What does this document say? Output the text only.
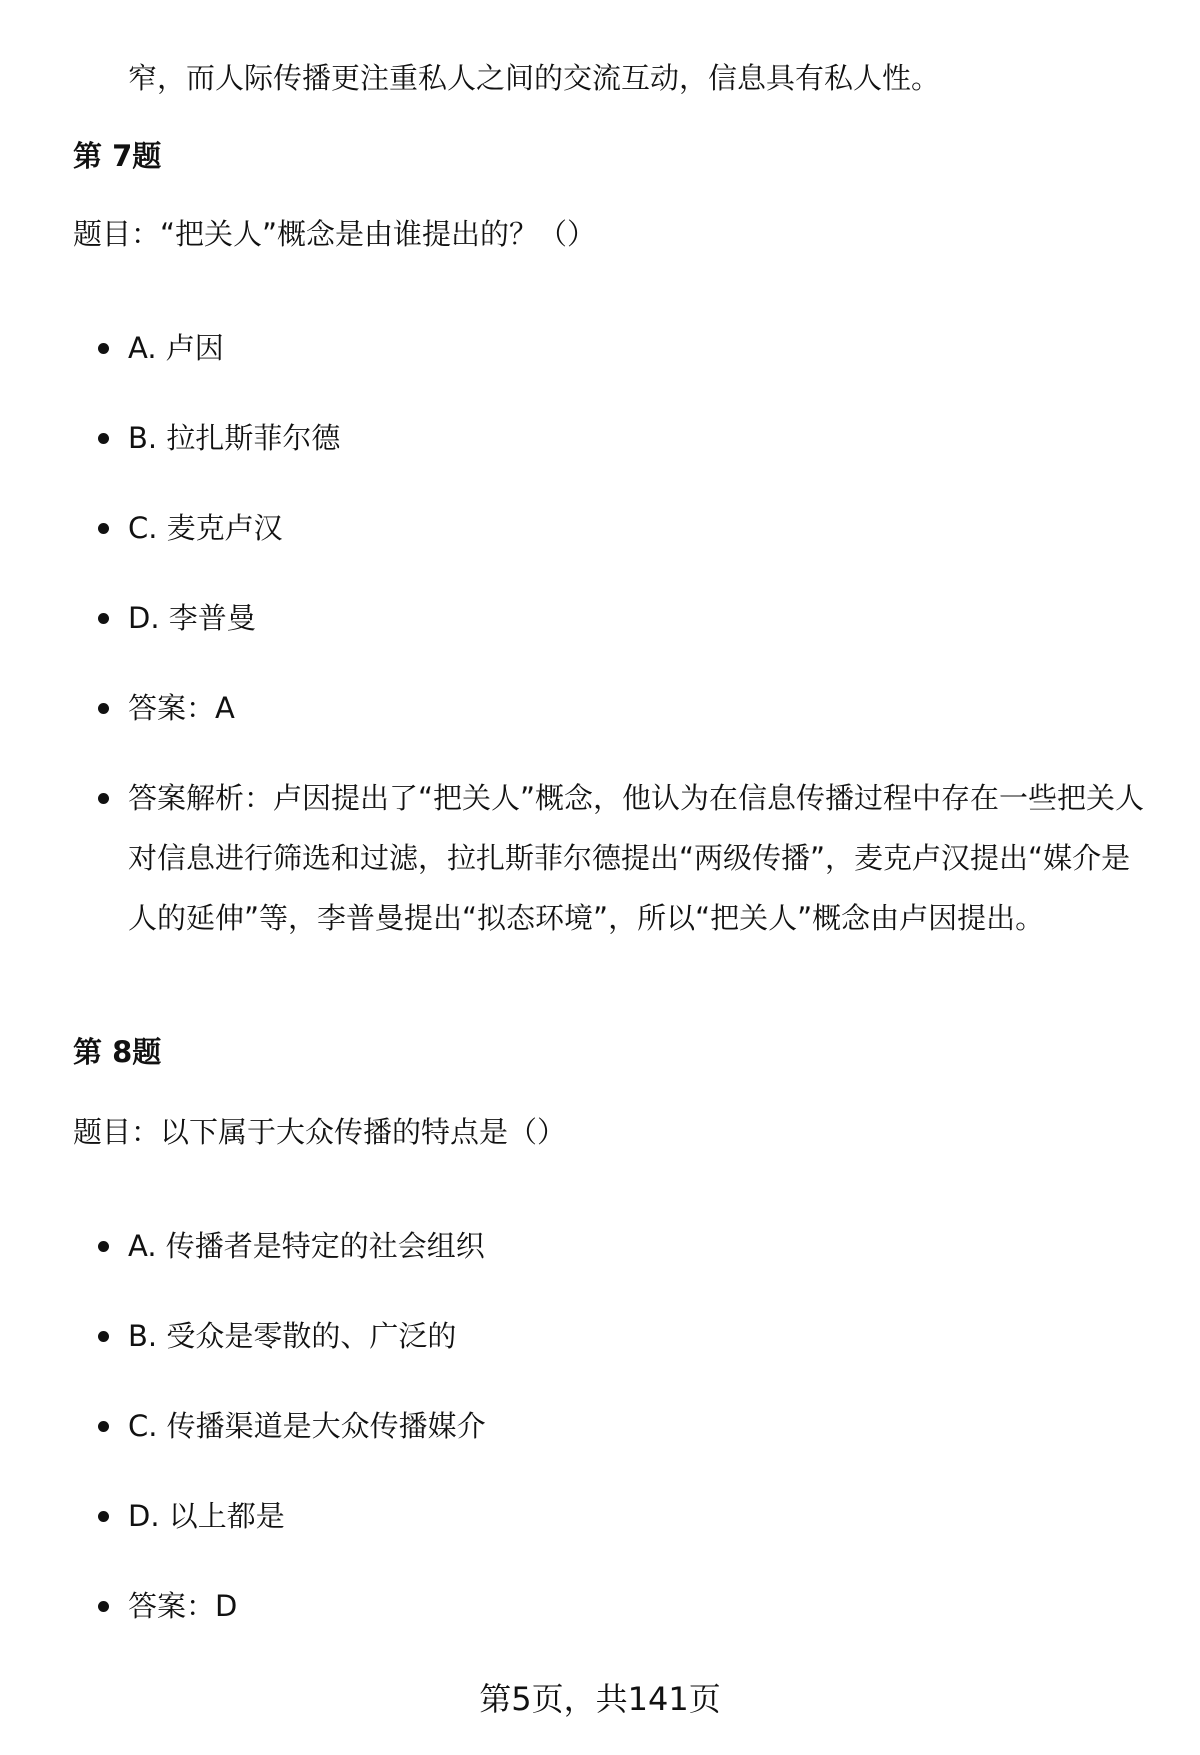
窄，而人际传播更注重私人之间的交流互动，信息具有私人性。
第 7题
题目：“把关人”概念是由谁提出的？（）
A. 卢因
B. 拉扎斯菲尔德
C. 麦克卢汉
D. 李普曼
答案：A
答案解析：卢因提出了“把关人”概念，他认为在信息传播过程中存在一些把关人对信息进行筛选和过滤，拉扎斯菲尔德提出“两级传播”，麦克卢汉提出“媒介是人的延伸”等，李普曼提出“拟态环境”，所以“把关人”概念由卢因提出。
第 8题
题目：以下属于大众传播的特点是（）
A. 传播者是特定的社会组织
B. 受众是零散的、广泛的
C. 传播渠道是大众传播媒介
D. 以上都是
答案：D
第5页，共141页
